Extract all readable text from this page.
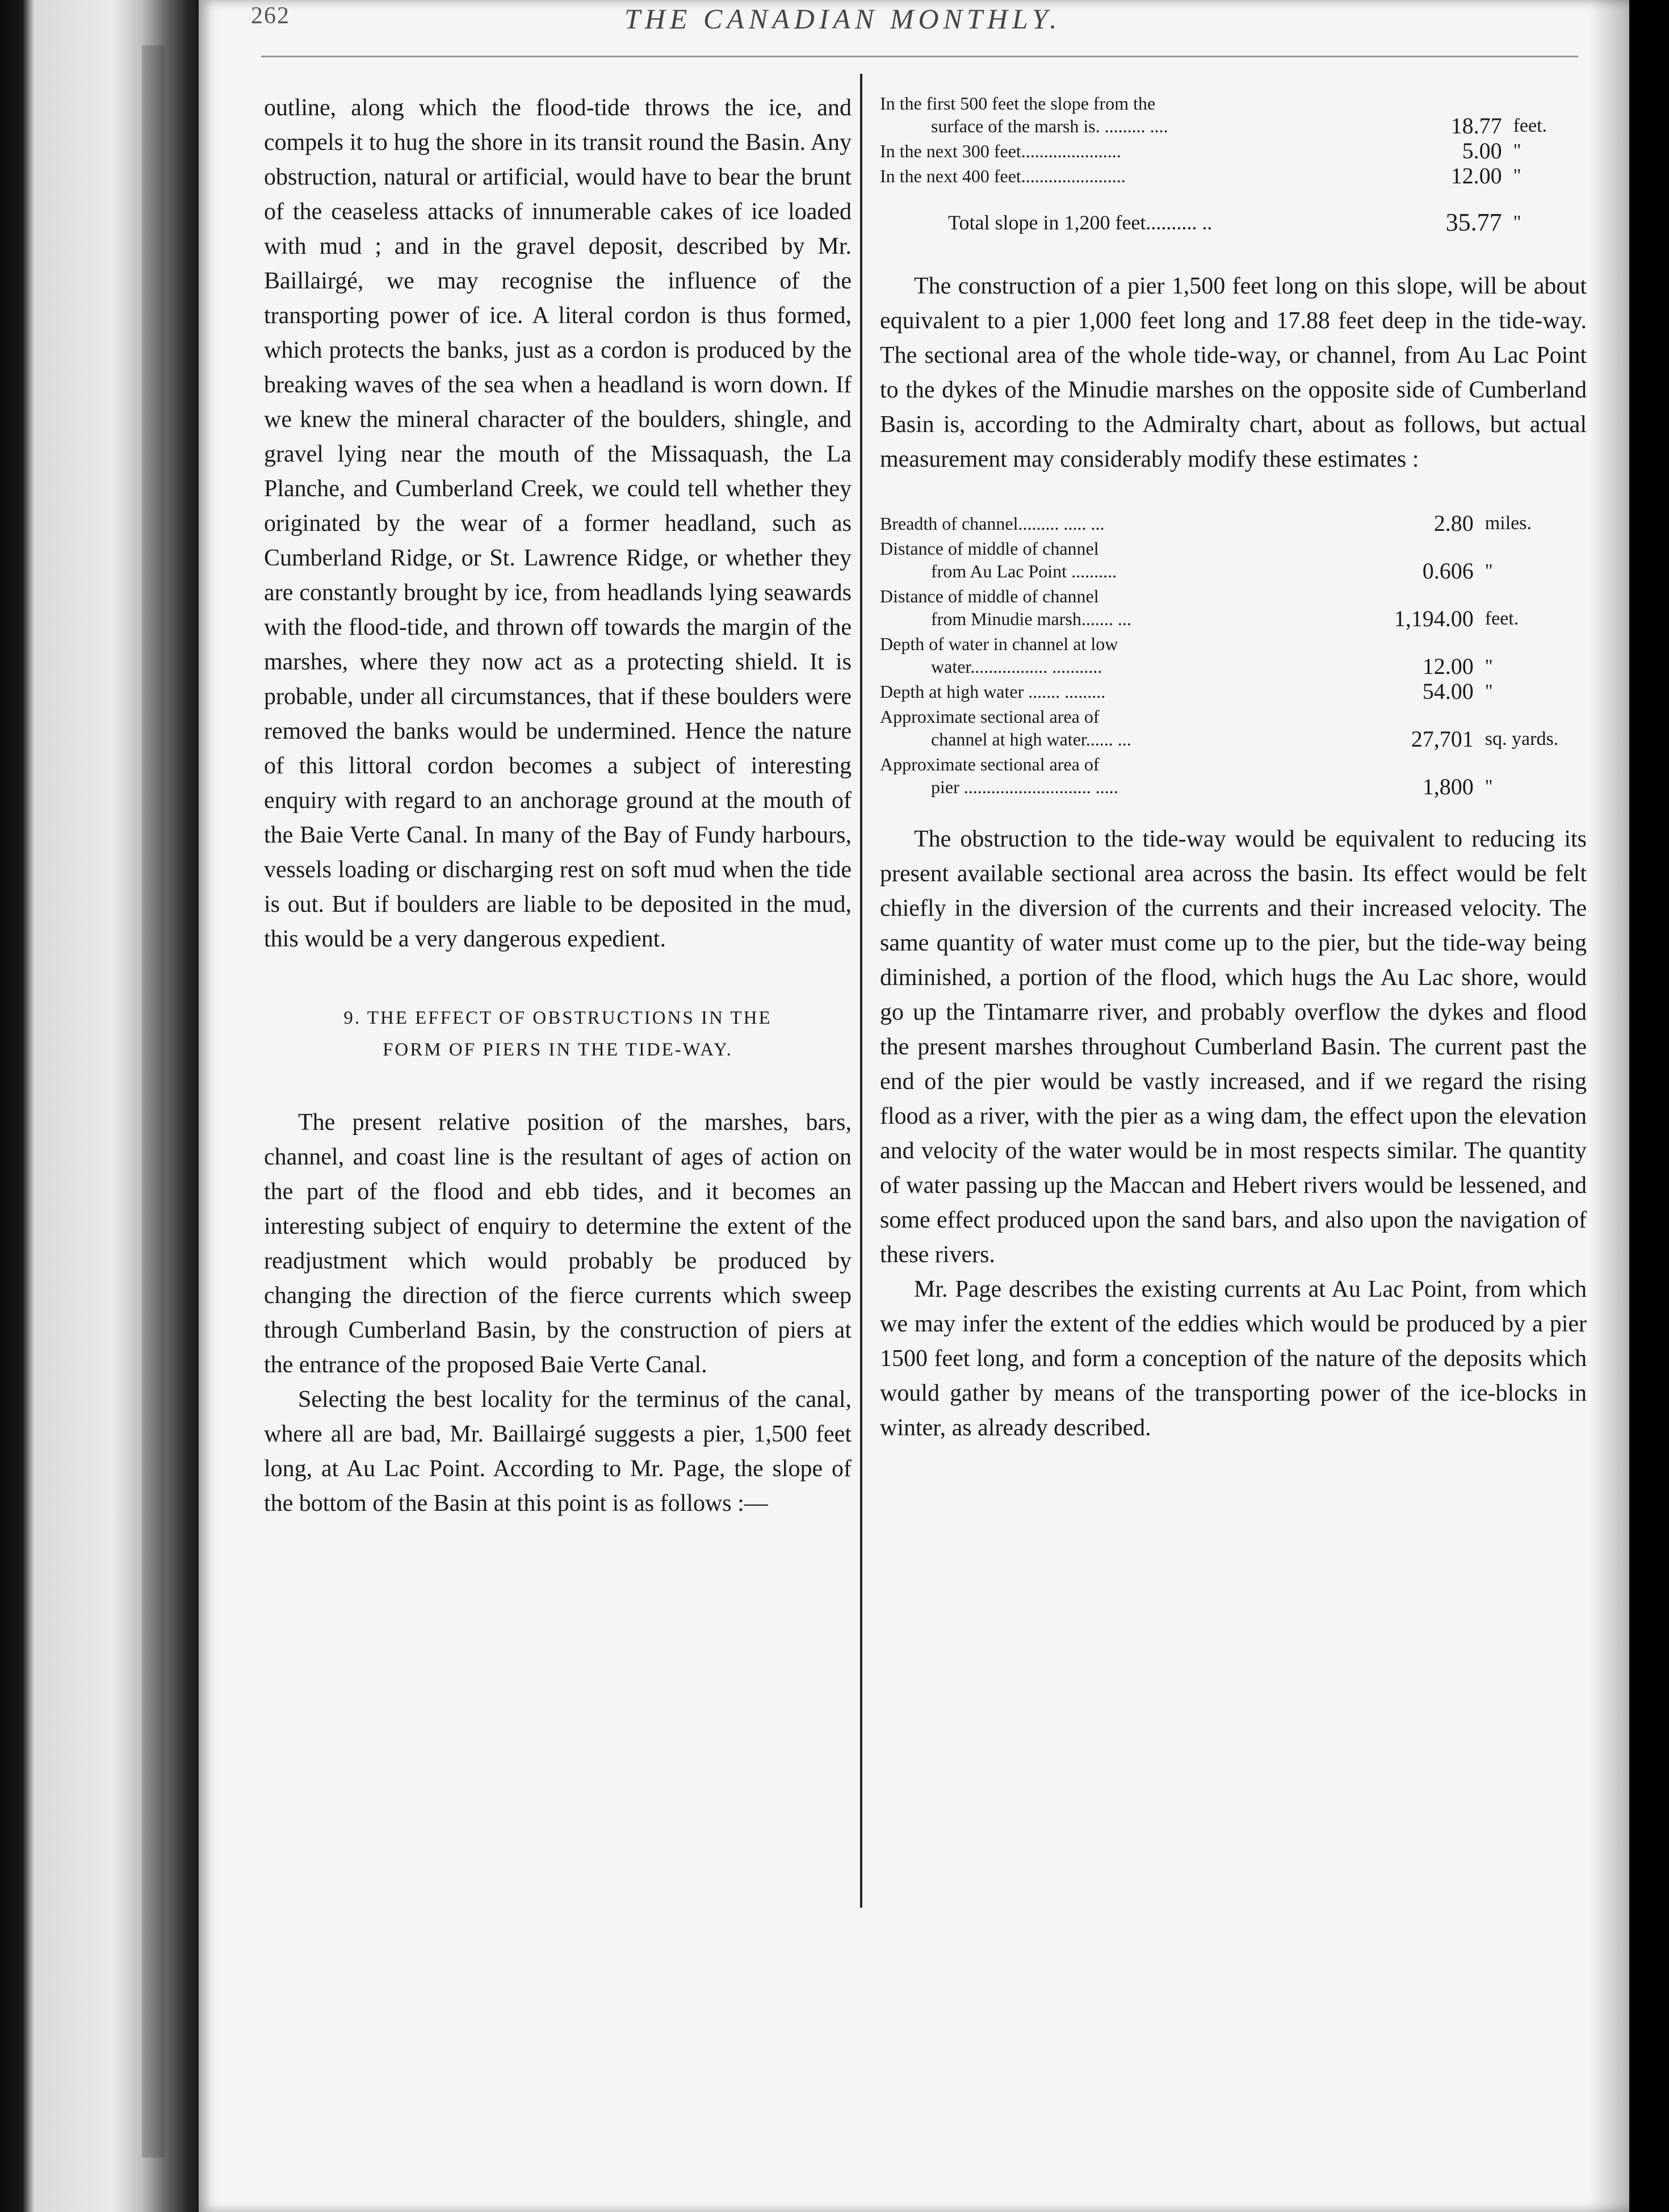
262	THE CANADIAN MONTHLY.

outline, along which the flood-tide throws the ice, and compels it to hug the shore in its transit round the Basin. Any obstruction, natural or artificial, would have to bear the brunt of the ceaseless attacks of innumerable cakes of ice loaded with mud ; and in the gravel deposit, described by Mr. Baillairgé, we may recognise the influence of the transporting power of ice. A literal cordon is thus formed, which protects the banks, just as a cordon is produced by the breaking waves of the sea when a headland is worn down. If we knew the mineral character of the boulders, shingle, and gravel lying near the mouth of the Missaquash, the La Planche, and Cumberland Creek, we could tell whether they originated by the wear of a former headland, such as Cumberland Ridge, or St. Lawrence Ridge, or whether they are constantly brought by ice, from headlands lying seawards with the flood-tide, and thrown off towards the margin of the marshes, where they now act as a protecting shield. It is probable, under all circumstances, that if these boulders were removed the banks would be undermined. Hence the nature of this littoral cordon becomes a subject of interesting enquiry with regard to an anchorage ground at the mouth of the Baie Verte Canal. In many of the Bay of Fundy harbours, vessels loading or discharging rest on soft mud when the tide is out. But if boulders are liable to be deposited in the mud, this would be a very dangerous expedient.

9. THE EFFECT OF OBSTRUCTIONS IN THE
FORM OF PIERS IN THE TIDE-WAY.

The present relative position of the marshes, bars, channel, and coast line is the resultant of ages of action on the part of the flood and ebb tides, and it becomes an interesting subject of enquiry to determine the extent of the readjustment which would probably be produced by changing the direction of the fierce currents which sweep through Cumberland Basin, by the construction of piers at the entrance of the proposed Baie Verte Canal.

Selecting the best locality for the terminus of the canal, where all are bad, Mr. Baillairgé suggests a pier, 1,500 feet long, at Au Lac Point. According to Mr. Page, the slope of the bottom of the Basin at this point is as follows :—

In the first 500 feet the slope from the
surface of the marsh is. ......... ....	18.77	feet.
In the next 300 feet......................	5.00	"
In the next 400 feet.......................	12.00	"
Total slope in 1,200 feet.......... ..	35.77	"

The construction of a pier 1,500 feet long on this slope, will be about equivalent to a pier 1,000 feet long and 17.88 feet deep in the tide-way. The sectional area of the whole tide-way, or channel, from Au Lac Point to the dykes of the Minudie marshes on the opposite side of Cumberland Basin is, according to the Admiralty chart, about as follows, but actual measurement may considerably modify these estimates :

Breadth of channel......... ..... ...	2.80	miles.
Distance of middle of channel
from Au Lac Point ..........	0.606	"
Distance of middle of channel
from Minudie marsh....... ...	1,194.00	feet.
Depth of water in channel at low
water................. ...........	12.00	"
Depth at high water ....... .........	54.00	"
Approximate sectional area of
channel at high water...... ...	27,701	sq. yards.
Approximate sectional area of
pier ............................ .....	1,800	"

The obstruction to the tide-way would be equivalent to reducing its present available sectional area across the basin. Its effect would be felt chiefly in the diversion of the currents and their increased velocity. The same quantity of water must come up to the pier, but the tide-way being diminished, a portion of the flood, which hugs the Au Lac shore, would go up the Tintamarre river, and probably overflow the dykes and flood the present marshes throughout Cumberland Basin. The current past the end of the pier would be vastly increased, and if we regard the rising flood as a river, with the pier as a wing dam, the effect upon the elevation and velocity of the water would be in most respects similar. The quantity of water passing up the Maccan and Hebert rivers would be lessened, and some effect produced upon the sand bars, and also upon the navigation of these rivers.

Mr. Page describes the existing currents at Au Lac Point, from which we may infer the extent of the eddies which would be produced by a pier 1500 feet long, and form a conception of the nature of the deposits which would gather by means of the transporting power of the ice-blocks in winter, as already described.
